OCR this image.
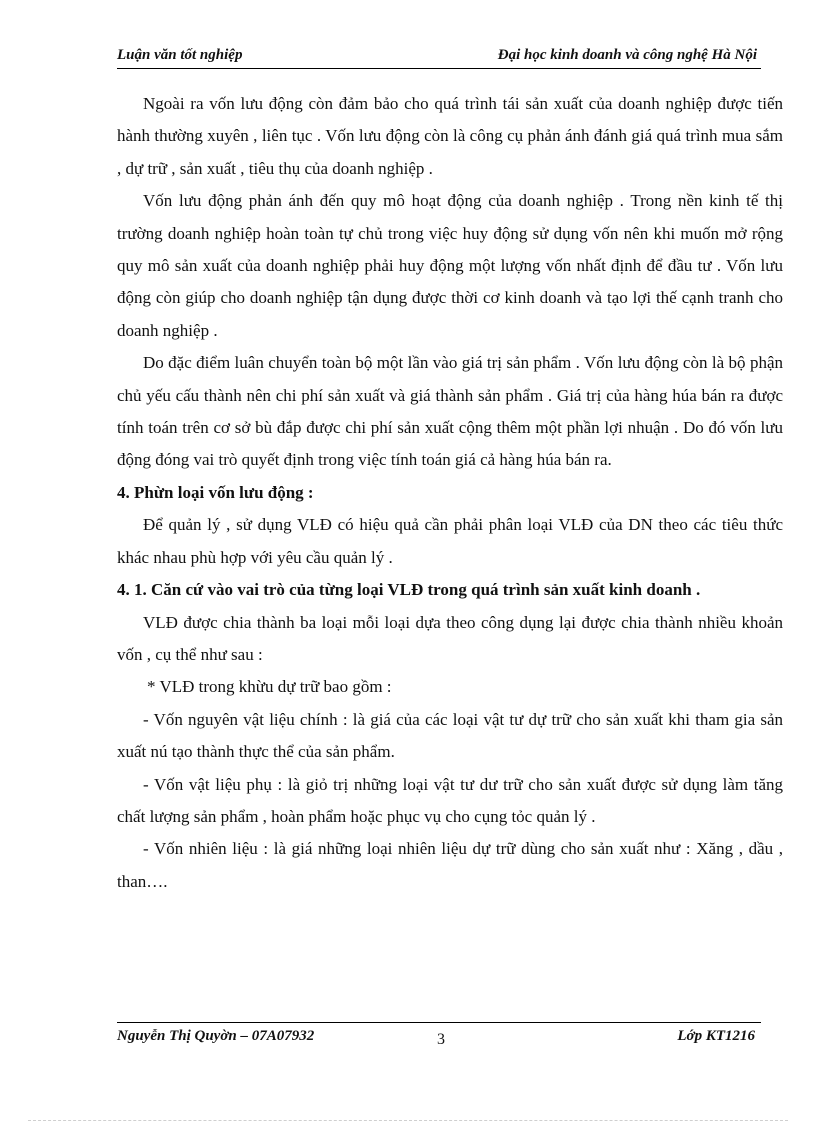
Luận văn tốt nghiệp	Đại học kinh doanh và công nghệ Hà Nội

Ngoài ra vốn lưu động còn đảm bảo cho quá trình tái sản xuất của doanh nghiệp được tiến hành thường xuyên , liên tục . Vốn lưu động còn là công cụ phản ánh đánh giá quá trình mua sắm , dự trữ , sản xuất , tiêu thụ của doanh nghiệp .

Vốn lưu động phản ánh đến quy mô hoạt động của doanh nghiệp . Trong nền kinh tế thị trường doanh nghiệp hoàn toàn tự chủ trong việc huy động sử dụng vốn nên khi muốn mở rộng quy mô sản xuất của doanh nghiệp phải huy động một lượng vốn nhất định để đầu tư . Vốn lưu động còn giúp cho doanh nghiệp tận dụng được thời cơ kinh doanh và tạo lợi thế cạnh tranh cho doanh nghiệp .

Do đặc điểm luân chuyển toàn bộ một lần vào giá trị sản phẩm . Vốn lưu động còn là bộ phận chủ yếu cấu thành nên chi phí sản xuất và giá thành sản phẩm . Giá trị của hàng húa bán ra được tính toán trên cơ sở bù đắp được chi phí sản xuất cộng thêm một phần lợi nhuận . Do đó vốn lưu động đóng vai trò quyết định trong việc tính toán giá cả hàng húa bán ra.

4. Phừn loại vốn lưu động :

Để quản lý , sử dụng VLĐ có hiệu quả cần phải phân loại VLĐ của DN theo các tiêu thức khác nhau phù hợp với yêu cầu quản lý .

4. 1. Căn cứ vào vai trò của từng loại VLĐ trong quá trình sản xuất kinh doanh .

VLĐ được chia thành ba loại mỗi loại dựa theo công dụng lại được chia thành nhiều khoản vốn , cụ thể như sau :

* VLĐ trong khừu dự trữ bao gồm :

- Vốn nguyên vật liệu chính : là giá của các loại vật tư dự trữ cho sản xuất khi tham gia sản xuất nú tạo thành thực thể của sản phẩm.

- Vốn vật liệu phụ : là giỏ trị những loại vật tư dư trữ cho sản xuất được sử dụng làm tăng chất lượng sản phẩm , hoàn phẩm hoặc phục vụ cho cụng tỏc quản lý .

- Vốn nhiên liệu : là giá những loại nhiên liệu dự trữ dùng cho sản xuất như : Xăng , dầu , than….

Nguyễn Thị Quyờn – 07A07932	3	Lớp KT1216
